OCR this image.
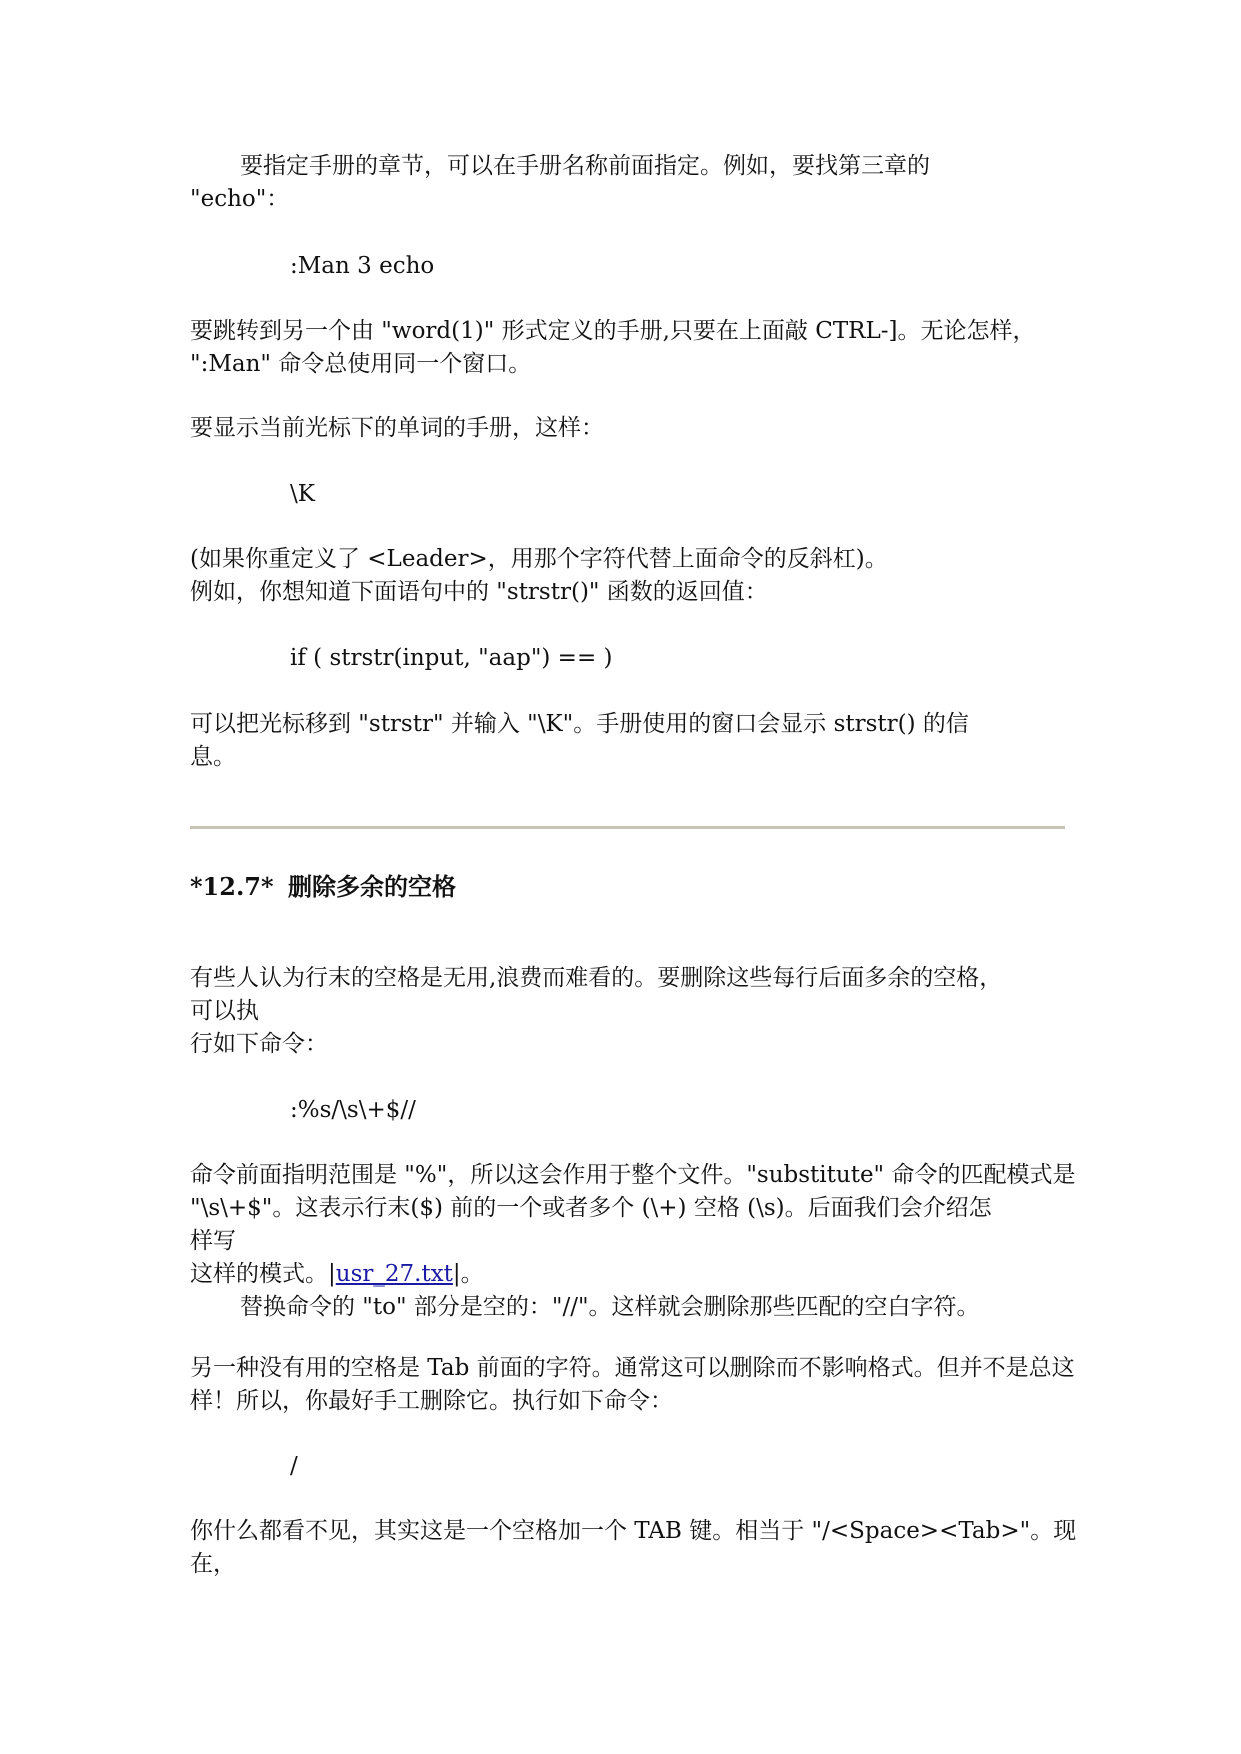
要指定手册的章节，可以在手册名称前面指定。例如，要找第三章的
"echo"：
:Man 3 echo
要跳转到另一个由 "word(1)" 形式定义的手册,只要在上面敲 CTRL-]。无论怎样，
":Man" 命令总使用同一个窗口。
要显示当前光标下的单词的手册，这样：
\K
(如果你重定义了 <Leader>，用那个字符代替上面命令的反斜杠)。
例如，你想知道下面语句中的 "strstr()" 函数的返回值：
if ( strstr(input, "aap") == )
可以把光标移到 "strstr" 并输入 "\K"。手册使用的窗口会显示 strstr() 的信
息。
*12.7* 删除多余的空格
有些人认为行末的空格是无用,浪费而难看的。要删除这些每行后面多余的空格，
可以执
行如下命令：
:%s/\s\+$//
命令前面指明范围是 "%"，所以这会作用于整个文件。"substitute" 命令的匹配模式是
"\s\+$"。这表示行末($) 前的一个或者多个 (\+) 空格 (\s)。后面我们会介绍怎
样写
这样的模式。|usr_27.txt|。
替换命令的 "to" 部分是空的："//"。这样就会删除那些匹配的空白字符。
另一种没有用的空格是 Tab 前面的字符。通常这可以删除而不影响格式。但并不是总这
样！所以，你最好手工删除它。执行如下命令：
/
你什么都看不见，其实这是一个空格加一个 TAB 键。相当于 "/<Space><Tab>"。现
在，
